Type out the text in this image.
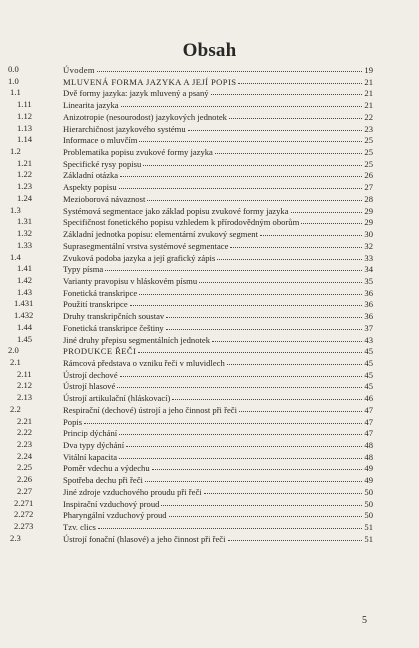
Obsah
0.0	Úvodem	19
1.0	MLUVENÁ FORMA JAZYKA A JEJÍ POPIS	21
1.1	Dvě formy jazyka: jazyk mluvený a psaný	21
1.11	Linearita jazyka	21
1.12	Anizotropie (nesourodost) jazykových jednotek	22
1.13	Hierarchičnost jazykového systému	23
1.14	Informace o mluvčím	25
1.2	Problematika popisu zvukové formy jazyka	25
1.21	Specifické rysy popisu	25
1.22	Základní otázka	26
1.23	Aspekty popisu	27
1.24	Mezioborová návaznost	28
1.3	Systémová segmentace jako základ popisu zvukové formy jazyka	29
1.31	Specifičnost fonetického popisu vzhledem k přírodovědným oborům	29
1.32	Základní jednotka popisu: elementární zvukový segment	30
1.33	Suprasegmentální vrstva systémové segmentace	32
1.4	Zvuková podoba jazyka a její grafický zápis	33
1.41	Typy písma	34
1.42	Varianty pravopisu v hláskovém písmu	35
1.43	Fonetická transkripce	36
1.431	Použití transkripce	36
1.432	Druhy transkripčních soustav	36
1.44	Fonetická transkripce češtiny	37
1.45	Jiné druhy přepisu segmentálních jednotek	43
2.0	PRODUKCE ŘEČI	45
2.1	Rámcová představa o vzniku řeči v mluvidlech	45
2.11	Ústrojí dechové	45
2.12	Ústrojí hlasové	45
2.13	Ústrojí artikulační (hláskovací)	46
2.2	Respirační (dechové) ústrojí a jeho činnost při řeči	47
2.21	Popis	47
2.22	Princip dýchání	47
2.23	Dva typy dýchání	48
2.24	Vitální kapacita	48
2.25	Poměr vdechu a výdechu	49
2.26	Spotřeba dechu při řeči	49
2.27	Jiné zdroje vzduchového proudu při řeči	50
2.271	Inspirační vzduchový proud	50
2.272	Pharyngální vzduchový proud	50
2.273	Tzv. clics	51
2.3	Ústrojí fonační (hlasové) a jeho činnost při řeči	51
5
